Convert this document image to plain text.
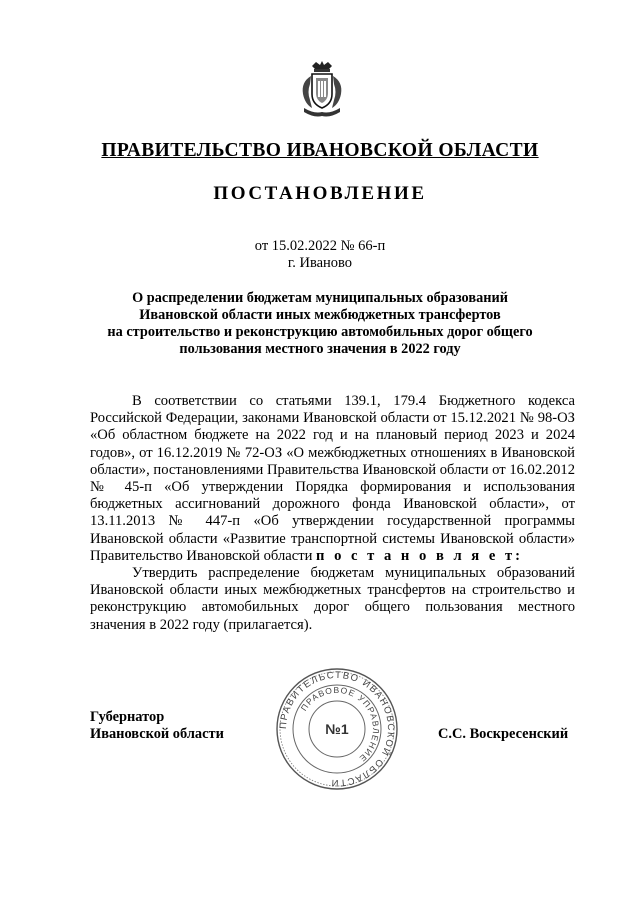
ПРАВИТЕЛЬСТВО ИВАНОВСКОЙ ОБЛАСТИ
ПОСТАНОВЛЕНИЕ
от 15.02.2022 № 66-п
г. Иваново
О распределении бюджетам муниципальных образований
Ивановской области иных межбюджетных трансфертов
на строительство и реконструкцию автомобильных дорог общего
пользования местного значения в 2022 году

В соответствии со статьями 139.1, 179.4 Бюджетного кодекса Российской Федерации, законами Ивановской области от 15.12.2021 № 98-ОЗ «Об областном бюджете на 2022 год и на плановый период 2023 и 2024 годов», от 16.12.2019 № 72-ОЗ «О межбюджетных отношениях в Ивановской области», постановлениями Правительства Ивановской области от 16.02.2012 № 45-п «Об утверждении Порядка формирования и использования бюджетных ассигнований дорожного фонда Ивановской области», от 13.11.2013 № 447-п «Об утверждении государственной программы Ивановской области «Развитие транспортной системы Ивановской области» Правительство Ивановской области п о с т а н о в л я е т:

Утвердить распределение бюджетам муниципальных образований Ивановской области иных межбюджетных трансфертов на строительство и реконструкцию автомобильных дорог общего пользования местного значения в 2022 году (прилагается).

Губернатор
Ивановской области
ПРАВИТЕЛЬСТВО ИВАНОВСКОЙ ОБЛАСТИ
ПРАВОВОЕ УПРАВЛЕНИЕ
№1	С.С. Воскресенский
